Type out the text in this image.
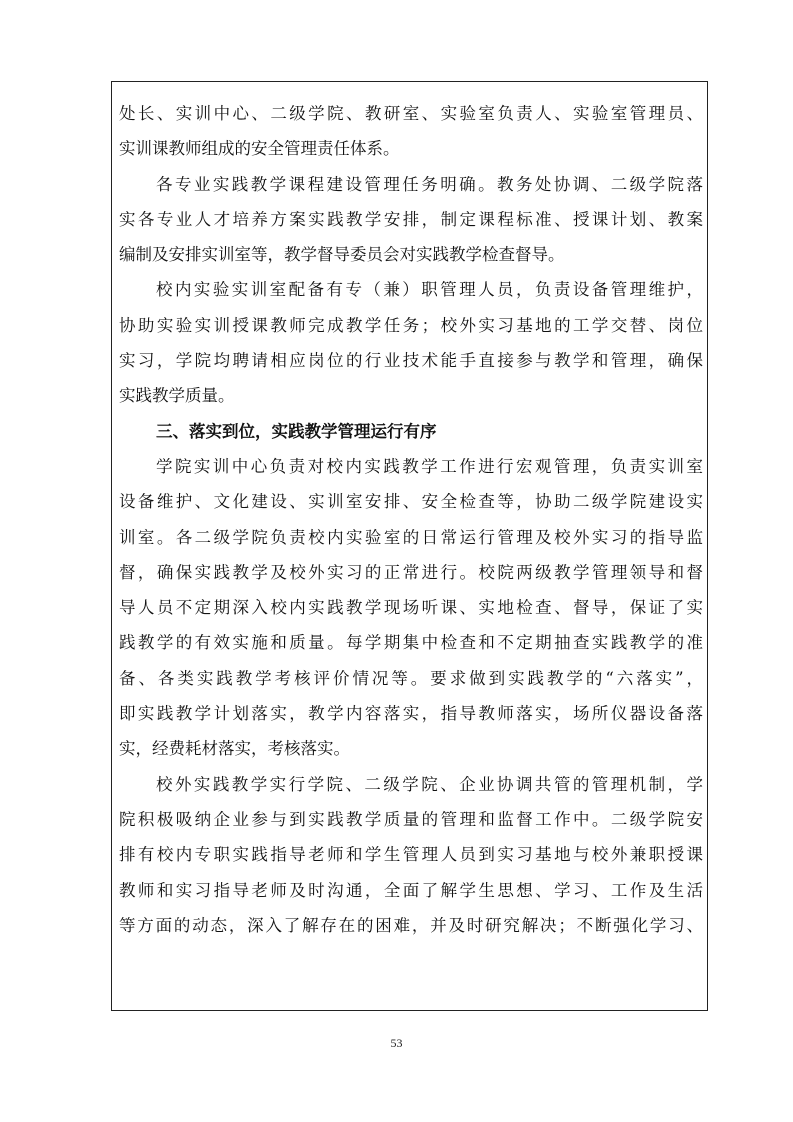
处长、实训中心、二级学院、教研室、实验室负责人、实验室管理员、
实训课教师组成的安全管理责任体系。
各专业实践教学课程建设管理任务明确。教务处协调、二级学院落
实各专业人才培养方案实践教学安排，制定课程标准、授课计划、教案
编制及安排实训室等，教学督导委员会对实践教学检查督导。
校内实验实训室配备有专（兼）职管理人员，负责设备管理维护，
协助实验实训授课教师完成教学任务；校外实习基地的工学交替、岗位
实习，学院均聘请相应岗位的行业技术能手直接参与教学和管理，确保
实践教学质量。
三、落实到位，实践教学管理运行有序
学院实训中心负责对校内实践教学工作进行宏观管理，负责实训室
设备维护、文化建设、实训室安排、安全检查等，协助二级学院建设实
训室。各二级学院负责校内实验室的日常运行管理及校外实习的指导监
督，确保实践教学及校外实习的正常进行。校院两级教学管理领导和督
导人员不定期深入校内实践教学现场听课、实地检查、督导，保证了实
践教学的有效实施和质量。每学期集中检查和不定期抽查实践教学的准
备、各类实践教学考核评价情况等。要求做到实践教学的“六落实”，
即实践教学计划落实，教学内容落实，指导教师落实，场所仪器设备落
实，经费耗材落实，考核落实。
校外实践教学实行学院、二级学院、企业协调共管的管理机制，学
院积极吸纳企业参与到实践教学质量的管理和监督工作中。二级学院安
排有校内专职实践指导老师和学生管理人员到实习基地与校外兼职授课
教师和实习指导老师及时沟通，全面了解学生思想、学习、工作及生活
等方面的动态，深入了解存在的困难，并及时研究解决；不断强化学习、
53
